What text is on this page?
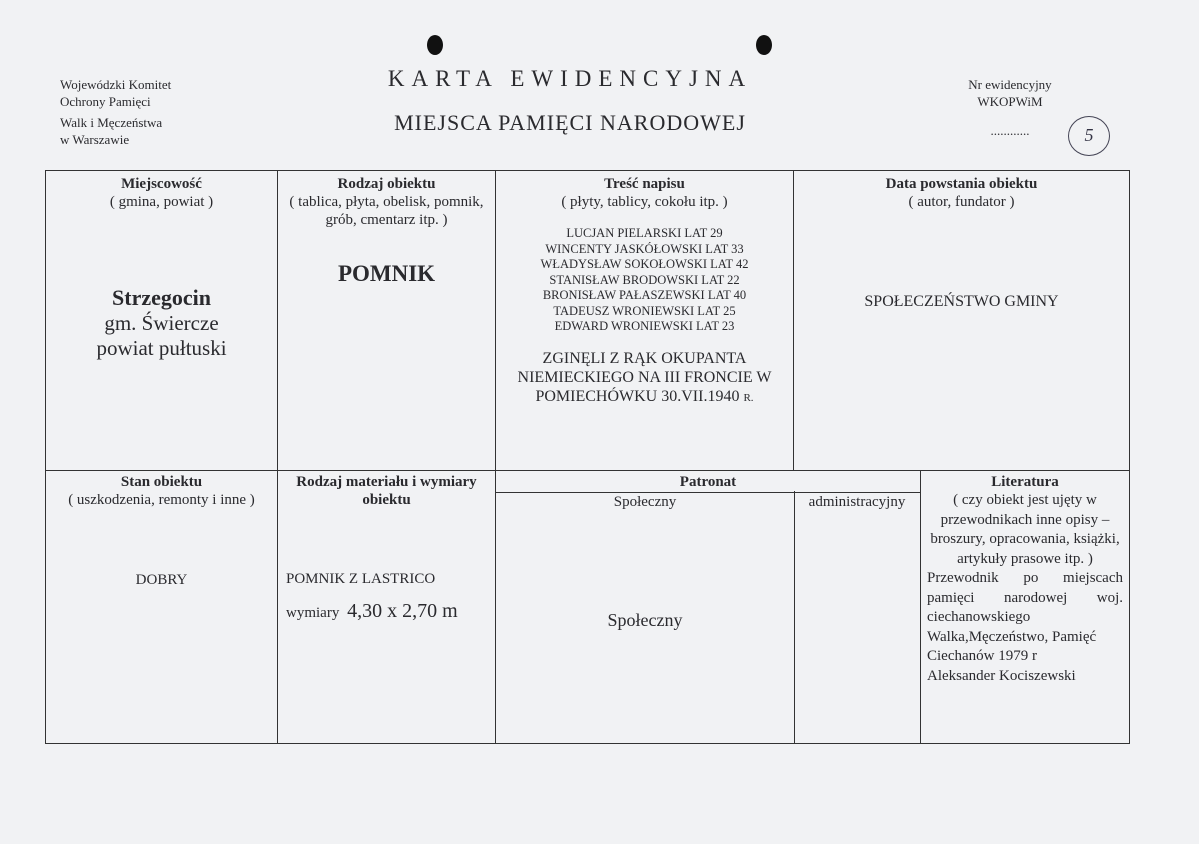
Wojewódzki Komitet
Ochrony Pamięci
Walk i Męczeństwa
w Warszawie
KARTA EWIDENCYJNA
MIEJSCA PAMIĘCI NARODOWEJ
Nr ewidencyjny
WKOPWiM
............	5
Miejscowość
( gmina, powiat )
Strzegocin
gm. Świercze
powiat pułtuski
Rodzaj obiektu
( tablica, płyta, obelisk, pomnik, grób, cmentarz itp. )
POMNIK
Treść napisu
( płyty, tablicy, cokołu itp. )
LUCJAN PIELARSKI LAT 29
WINCENTY JASKÓŁOWSKI LAT 33
WŁADYSŁAW SOKOŁOWSKI LAT 42
STANISŁAW BRODOWSKI LAT 22
BRONISŁAW PAŁASZEWSKI LAT 40
TADEUSZ WRONIEWSKI LAT 25
EDWARD WRONIEWSKI LAT 23
ZGINĘLI Z RĄK OKUPANTA
NIEMIECKIEGO NA III FRONCIE W
POMIECHÓWKU 30.VII.1940 R.
Data powstania obiektu
( autor, fundator )
SPOŁECZEŃSTWO GMINY
Stan obiektu
( uszkodzenia, remonty i inne )
DOBRY
Rodzaj materiału i wymiary obiektu
POMNIK Z LASTRICO
wymiary 4,30 x 2,70 m
Patronat
Społeczny
Społeczny
administracyjny
Literatura
( czy obiekt jest ujęty w przewodnikach inne opisy – broszury, opracowania, książki, artykuły prasowe itp. )
Przewodnik po miejscach pamięci narodowej woj. ciechanowskiego
Walka,Męczeństwo, Pamięć
Ciechanów 1979 r
Aleksander Kociszewski
